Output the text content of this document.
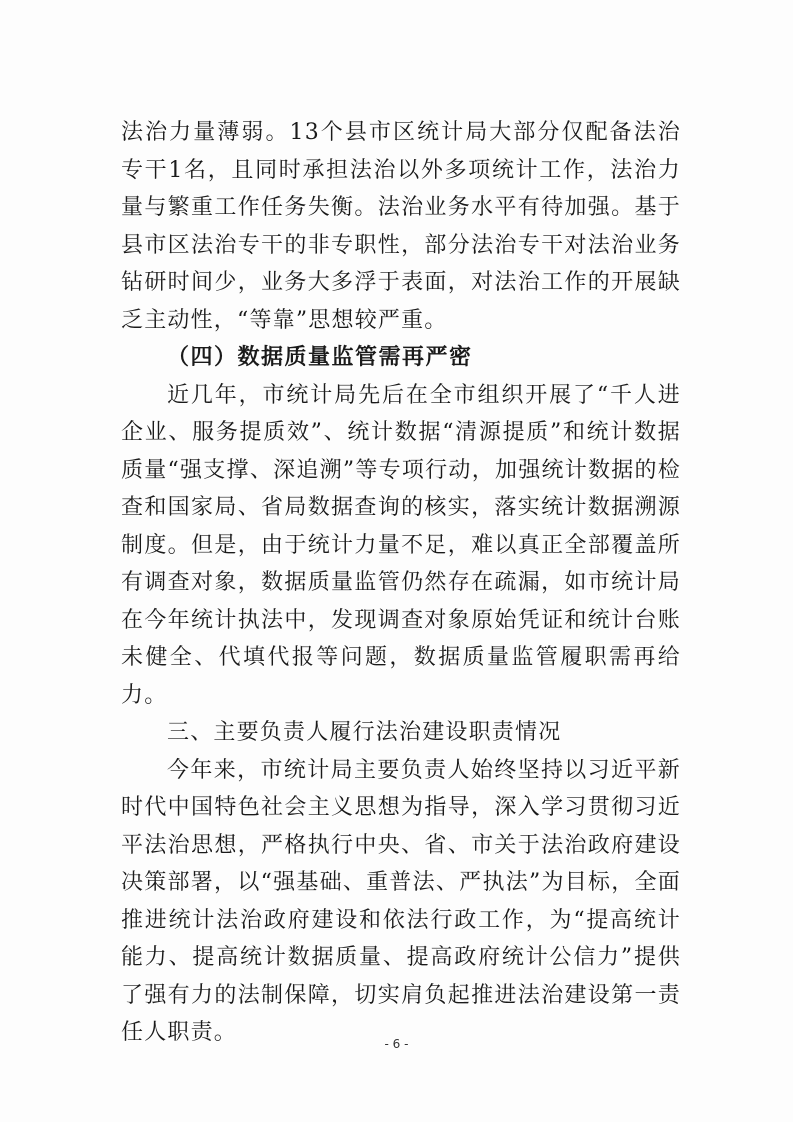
法治力量薄弱。13个县市区统计局大部分仅配备法治专干1名，且同时承担法治以外多项统计工作，法治力量与繁重工作任务失衡。法治业务水平有待加强。基于县市区法治专干的非专职性，部分法治专干对法治业务钻研时间少，业务大多浮于表面，对法治工作的开展缺乏主动性，“等靠”思想较严重。

（四）数据质量监管需再严密

近几年，市统计局先后在全市组织开展了“千人进企业、服务提质效”、统计数据“清源提质”和统计数据质量“强支撑、深追溯”等专项行动，加强统计数据的检查和国家局、省局数据查询的核实，落实统计数据溯源制度。但是，由于统计力量不足，难以真正全部覆盖所有调查对象，数据质量监管仍然存在疏漏，如市统计局在今年统计执法中，发现调查对象原始凭证和统计台账未健全、代填代报等问题，数据质量监管履职需再给力。

三、主要负责人履行法治建设职责情况

今年来，市统计局主要负责人始终坚持以习近平新时代中国特色社会主义思想为指导，深入学习贯彻习近平法治思想，严格执行中央、省、市关于法治政府建设决策部署，以“强基础、重普法、严执法”为目标，全面推进统计法治政府建设和依法行政工作，为“提高统计能力、提高统计数据质量、提高政府统计公信力”提供了强有力的法制保障，切实肩负起推进法治建设第一责任人职责。	- 6 -
